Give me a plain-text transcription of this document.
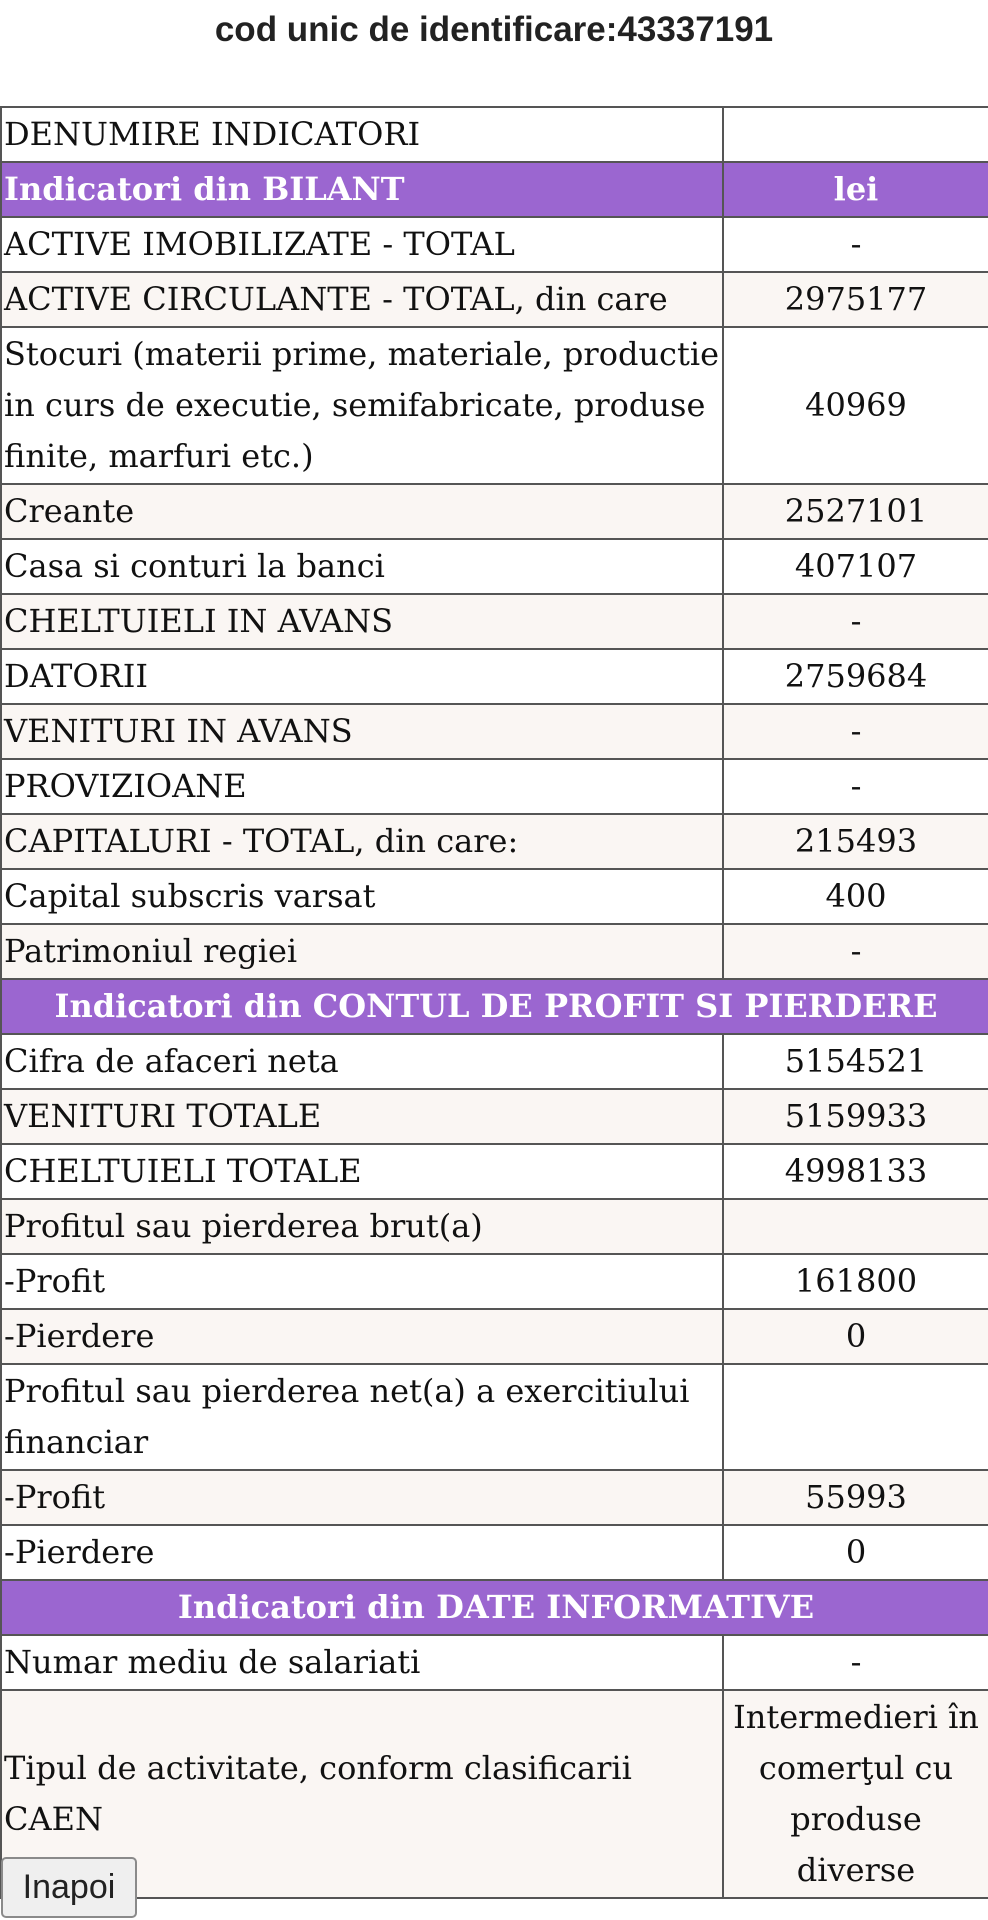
cod unic de identificare:43337191
DENUMIRE INDICATORI	
Indicatori din BILANT	lei
ACTIVE IMOBILIZATE - TOTAL	-
ACTIVE CIRCULANTE - TOTAL, din care	2975177
Stocuri (materii prime, materiale, productie in curs de executie, semifabricate, produse finite, marfuri etc.)	40969
Creante	2527101
Casa si conturi la banci	407107
CHELTUIELI IN AVANS	-
DATORII	2759684
VENITURI IN AVANS	-
PROVIZIOANE	-
CAPITALURI - TOTAL, din care:	215493
Capital subscris varsat	400
Patrimoniul regiei	-
Indicatori din CONTUL DE PROFIT SI PIERDERE	
Cifra de afaceri neta	5154521
VENITURI TOTALE	5159933
CHELTUIELI TOTALE	4998133
Profitul sau pierderea brut(a)	
-Profit	161800
-Pierdere	0
Profitul sau pierderea net(a) a exercitiului financiar	
-Profit	55993
-Pierdere	0
Indicatori din DATE INFORMATIVE	
Numar mediu de salariati	-
Tipul de activitate, conform clasificarii CAEN	Intermedieri în comerţul cu produse diverse
Inapoi
